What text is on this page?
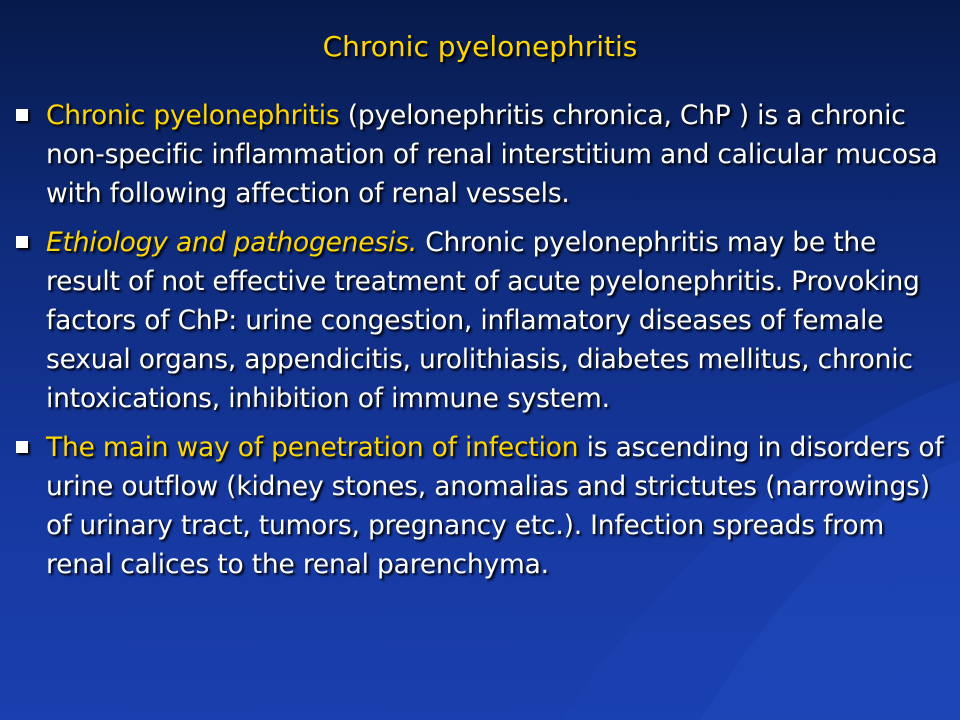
Chronic pyelonephritis
Chronic pyelonephritis (pyelonephritis chronica, ChP ) is a chronic non-specific inflammation of renal interstitium and calicular mucosa with following affection of renal vessels.
Ethiology and pathogenesis. Chronic pyelonephritis may be the result of not effective treatment of acute pyelonephritis. Provoking factors of ChP: urine congestion, inflamatory diseases of female sexual organs, appendicitis, urolithiasis, diabetes mellitus, chronic intoxications, inhibition of immune system.
The main way of penetration of infection is ascending in disorders of urine outflow (kidney stones, anomalias and strictutes (narrowings) of urinary tract, tumors, pregnancy etc.). Infection spreads from renal calices to the renal parenchyma.
